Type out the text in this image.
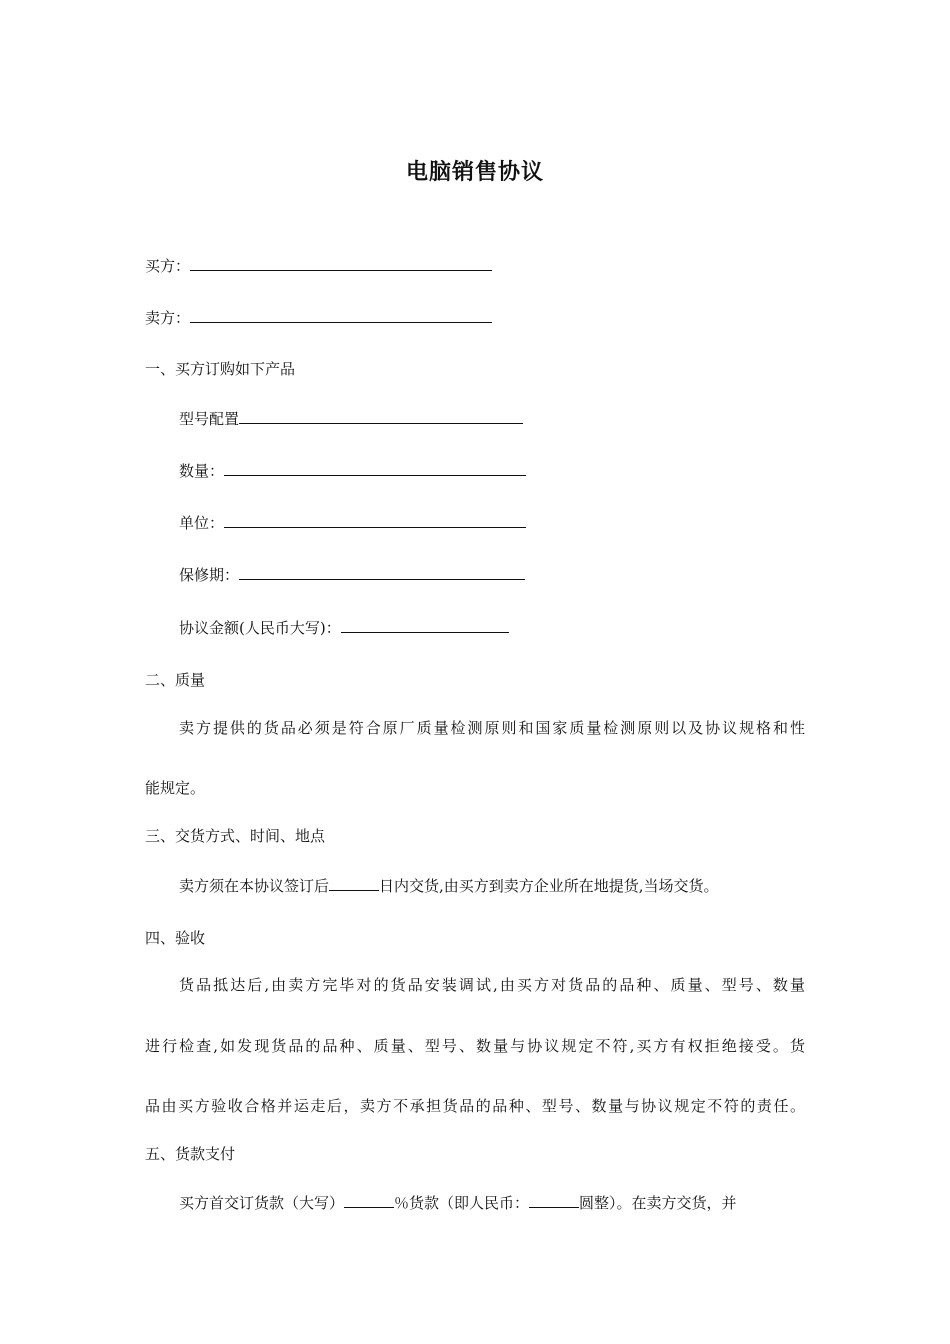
电脑销售协议
买方：
卖方：
一、买方订购如下产品
型号配置
数量：
单位：
保修期：
协议金额(人民币大写)：
二、质量
卖方提供的货品必须是符合原厂质量检测原则和国家质量检测原则以及协议规格和性
能规定。
三、交货方式、时间、地点
卖方须在本协议签订后	日内交货,由买方到卖方企业所在地提货,当场交货。
四、验收
货品抵达后,由卖方完毕对的货品安装调试,由买方对货品的品种、质量、型号、数量
进行检查,如发现货品的品种、质量、型号、数量与协议规定不符,买方有权拒绝接受。货
品由买方验收合格并运走后，卖方不承担货品的品种、型号、数量与协议规定不符的责任。
五、货款支付
买方首交订货款（大写）	％货款（即人民币：	圆整）。在卖方交货，并
